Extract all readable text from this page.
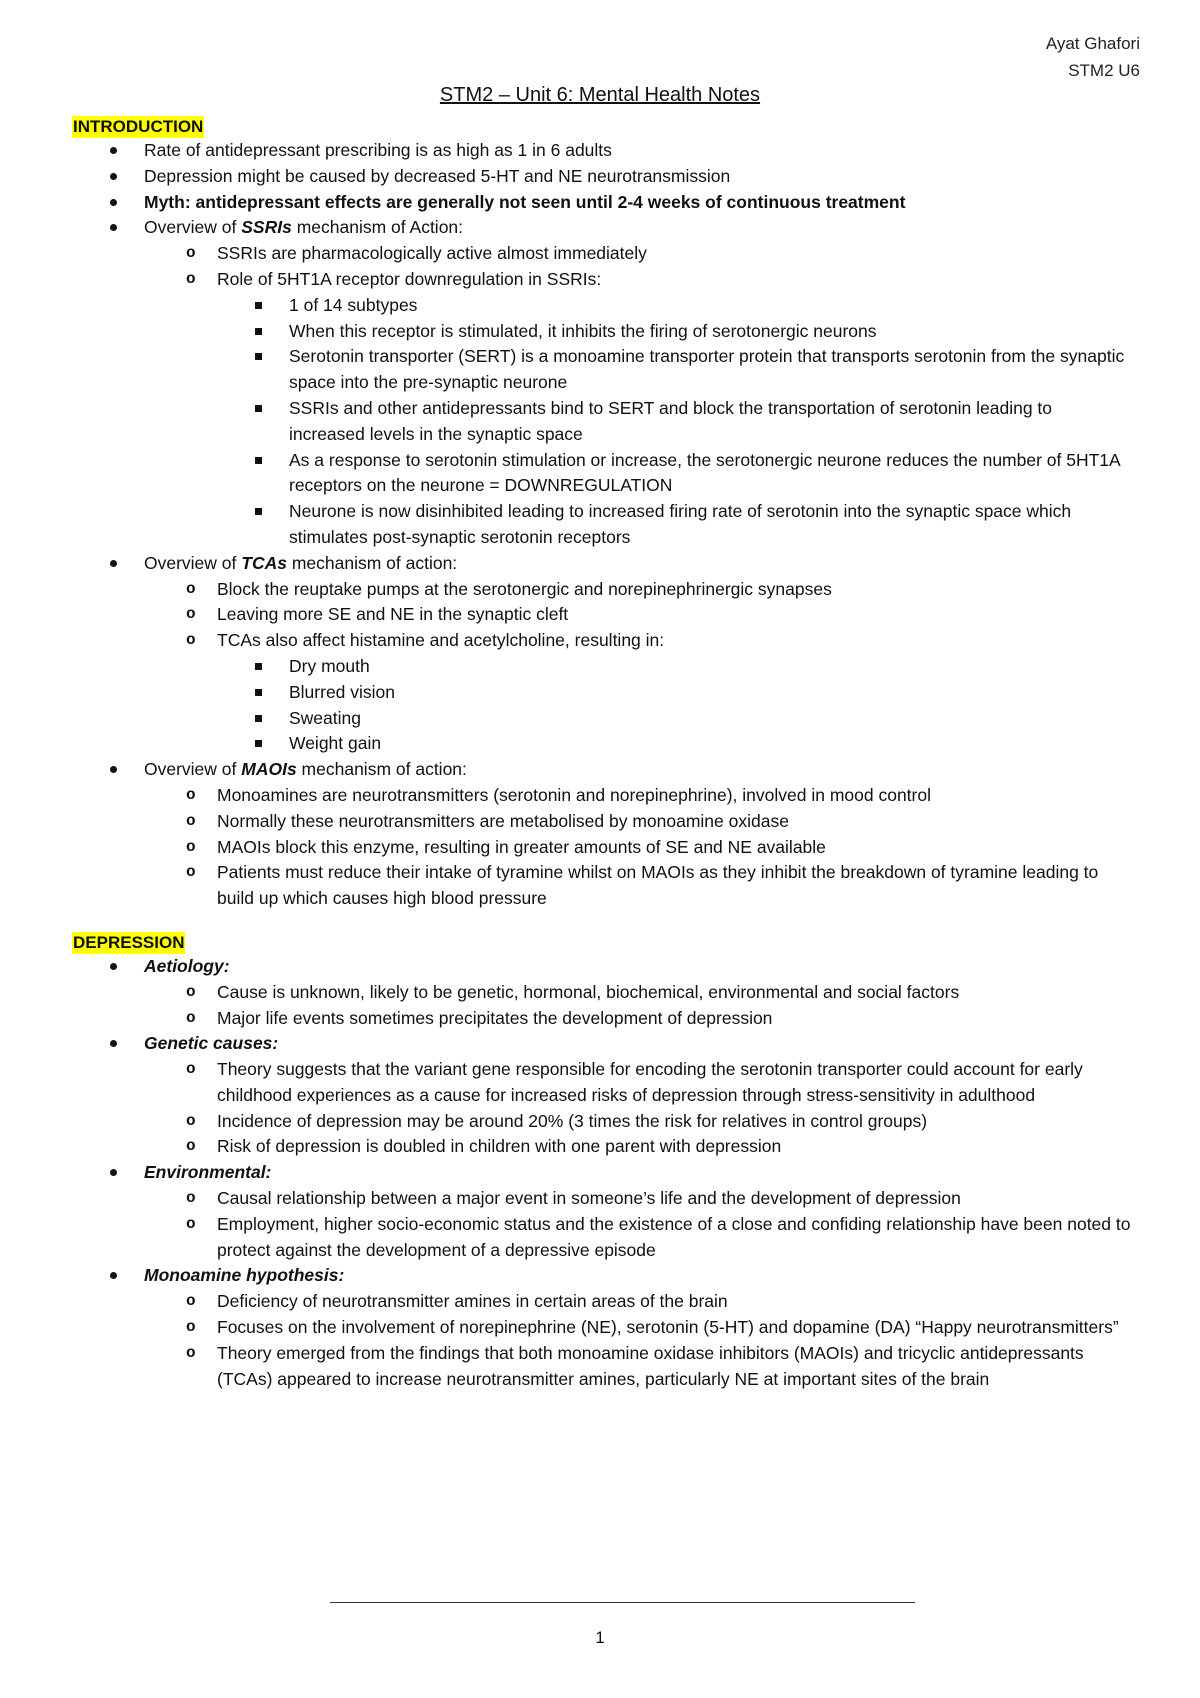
Ayat Ghafori
STM2 U6
STM2 – Unit 6: Mental Health Notes
INTRODUCTION
Rate of antidepressant prescribing is as high as 1 in 6 adults
Depression might be caused by decreased 5-HT and NE neurotransmission
Myth: antidepressant effects are generally not seen until 2-4 weeks of continuous treatment
Overview of SSRIs mechanism of Action:
o SSRIs are pharmacologically active almost immediately
o Role of 5HT1A receptor downregulation in SSRIs:
1 of 14 subtypes
When this receptor is stimulated, it inhibits the firing of serotonergic neurons
Serotonin transporter (SERT) is a monoamine transporter protein that transports serotonin from the synaptic space into the pre-synaptic neurone
SSRIs and other antidepressants bind to SERT and block the transportation of serotonin leading to increased levels in the synaptic space
As a response to serotonin stimulation or increase, the serotonergic neurone reduces the number of 5HT1A receptors on the neurone = DOWNREGULATION
Neurone is now disinhibited leading to increased firing rate of serotonin into the synaptic space which stimulates post-synaptic serotonin receptors
Overview of TCAs mechanism of action:
o Block the reuptake pumps at the serotonergic and norepinephrinergic synapses
o Leaving more SE and NE in the synaptic cleft
o TCAs also affect histamine and acetylcholine, resulting in:
Dry mouth
Blurred vision
Sweating
Weight gain
Overview of MAOIs mechanism of action:
o Monoamines are neurotransmitters (serotonin and norepinephrine), involved in mood control
o Normally these neurotransmitters are metabolised by monoamine oxidase
o MAOIs block this enzyme, resulting in greater amounts of SE and NE available
o Patients must reduce their intake of tyramine whilst on MAOIs as they inhibit the breakdown of tyramine leading to build up which causes high blood pressure
DEPRESSION
Aetiology:
o Cause is unknown, likely to be genetic, hormonal, biochemical, environmental and social factors
o Major life events sometimes precipitates the development of depression
Genetic causes:
o Theory suggests that the variant gene responsible for encoding the serotonin transporter could account for early childhood experiences as a cause for increased risks of depression through stress-sensitivity in adulthood
o Incidence of depression may be around 20% (3 times the risk for relatives in control groups)
o Risk of depression is doubled in children with one parent with depression
Environmental:
o Causal relationship between a major event in someone’s life and the development of depression
o Employment, higher socio-economic status and the existence of a close and confiding relationship have been noted to protect against the development of a depressive episode
Monoamine hypothesis:
o Deficiency of neurotransmitter amines in certain areas of the brain
o Focuses on the involvement of norepinephrine (NE), serotonin (5-HT) and dopamine (DA) “Happy neurotransmitters”
o Theory emerged from the findings that both monoamine oxidase inhibitors (MAOIs) and tricyclic antidepressants (TCAs) appeared to increase neurotransmitter amines, particularly NE at important sites of the brain
1
